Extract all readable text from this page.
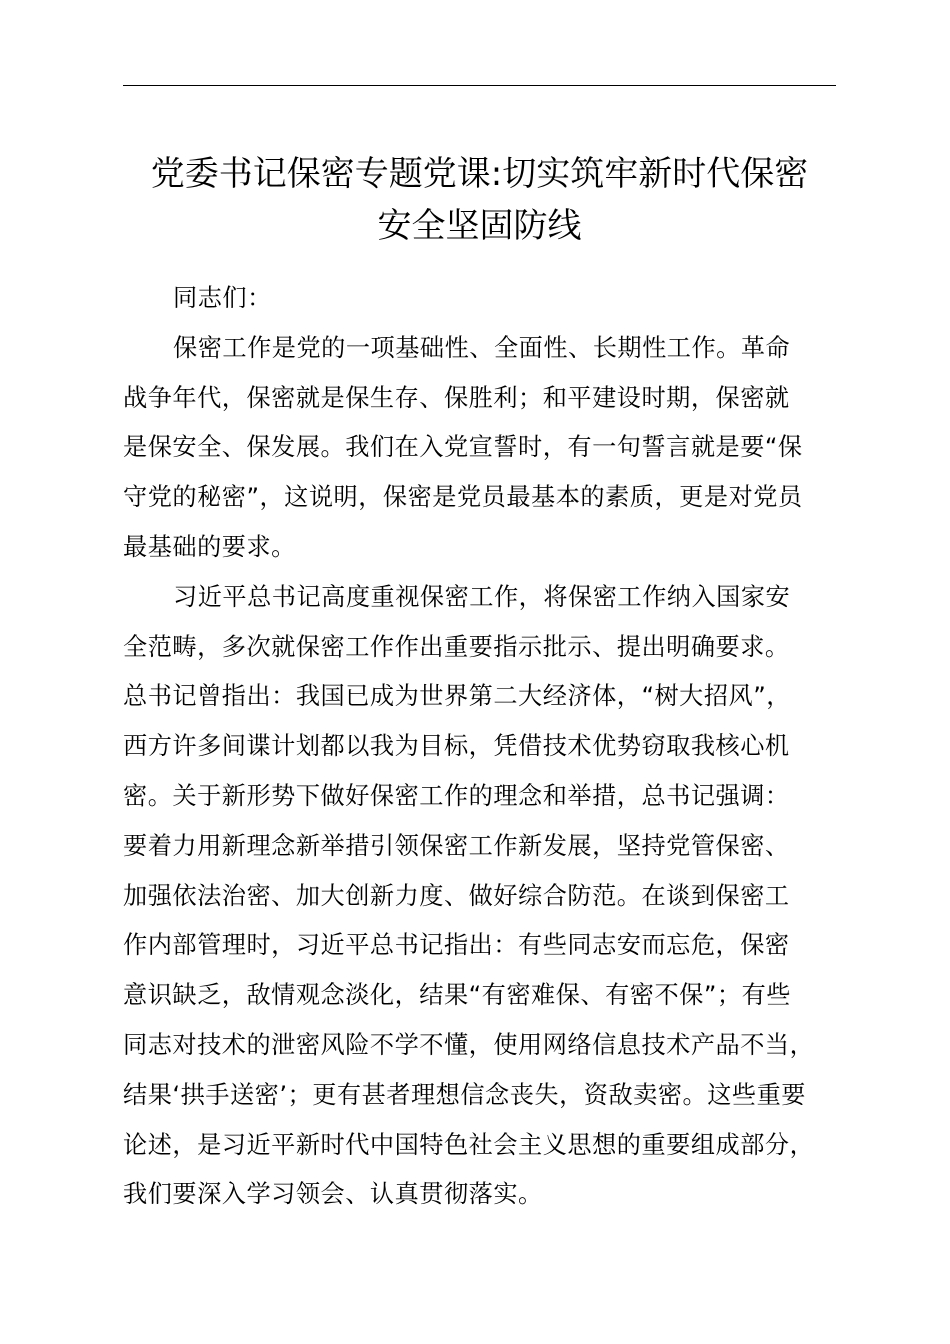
党委书记保密专题党课:切实筑牢新时代保密
安全坚固防线
同志们：
保密工作是党的一项基础性、全面性、长期性工作。革命
战争年代，保密就是保生存、保胜利；和平建设时期，保密就
是保安全、保发展。我们在入党宣誓时，有一句誓言就是要“保
守党的秘密”，这说明，保密是党员最基本的素质，更是对党员
最基础的要求。
习近平总书记高度重视保密工作，将保密工作纳入国家安
全范畴，多次就保密工作作出重要指示批示、提出明确要求。
总书记曾指出：我国已成为世界第二大经济体，“树大招风”，
西方许多间谍计划都以我为目标，凭借技术优势窃取我核心机
密。关于新形势下做好保密工作的理念和举措，总书记强调：
要着力用新理念新举措引领保密工作新发展，坚持党管保密、
加强依法治密、加大创新力度、做好综合防范。在谈到保密工
作内部管理时，习近平总书记指出：有些同志安而忘危，保密
意识缺乏，敌情观念淡化，结果“有密难保、有密不保”；有些
同志对技术的泄密风险不学不懂，使用网络信息技术产品不当，
结果‘拱手送密’；更有甚者理想信念丧失，资敌卖密。这些重要
论述，是习近平新时代中国特色社会主义思想的重要组成部分，
我们要深入学习领会、认真贯彻落实。
